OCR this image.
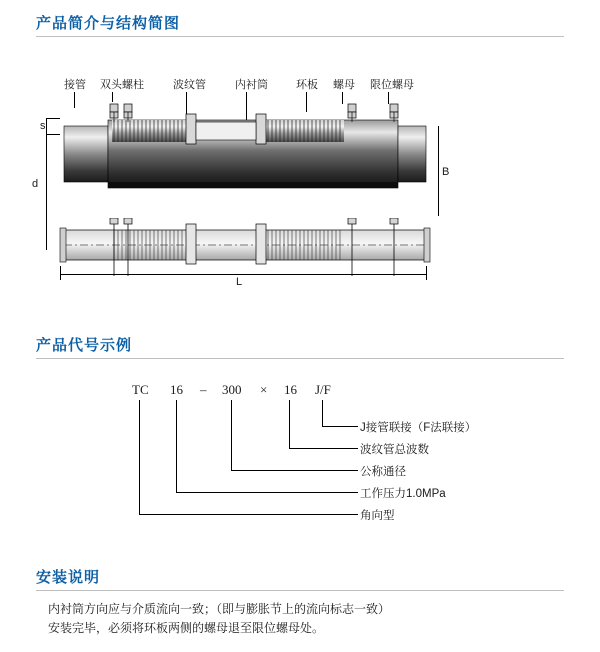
产品简介与结构简图
接管 双头螺柱	波纹管	内衬筒	环板 螺母 限位螺母
s
d
B
L
产品代号示例
TC 16 – 300 × 16 J/F
J接管联接（F法联接）
波纹管总波数
公称通径
工作压力1.0MPa
角向型
安装说明
内衬筒方向应与介质流向一致；（即与膨胀节上的流向标志一致）
安装完毕，必须将环板两侧的螺母退至限位螺母处。
